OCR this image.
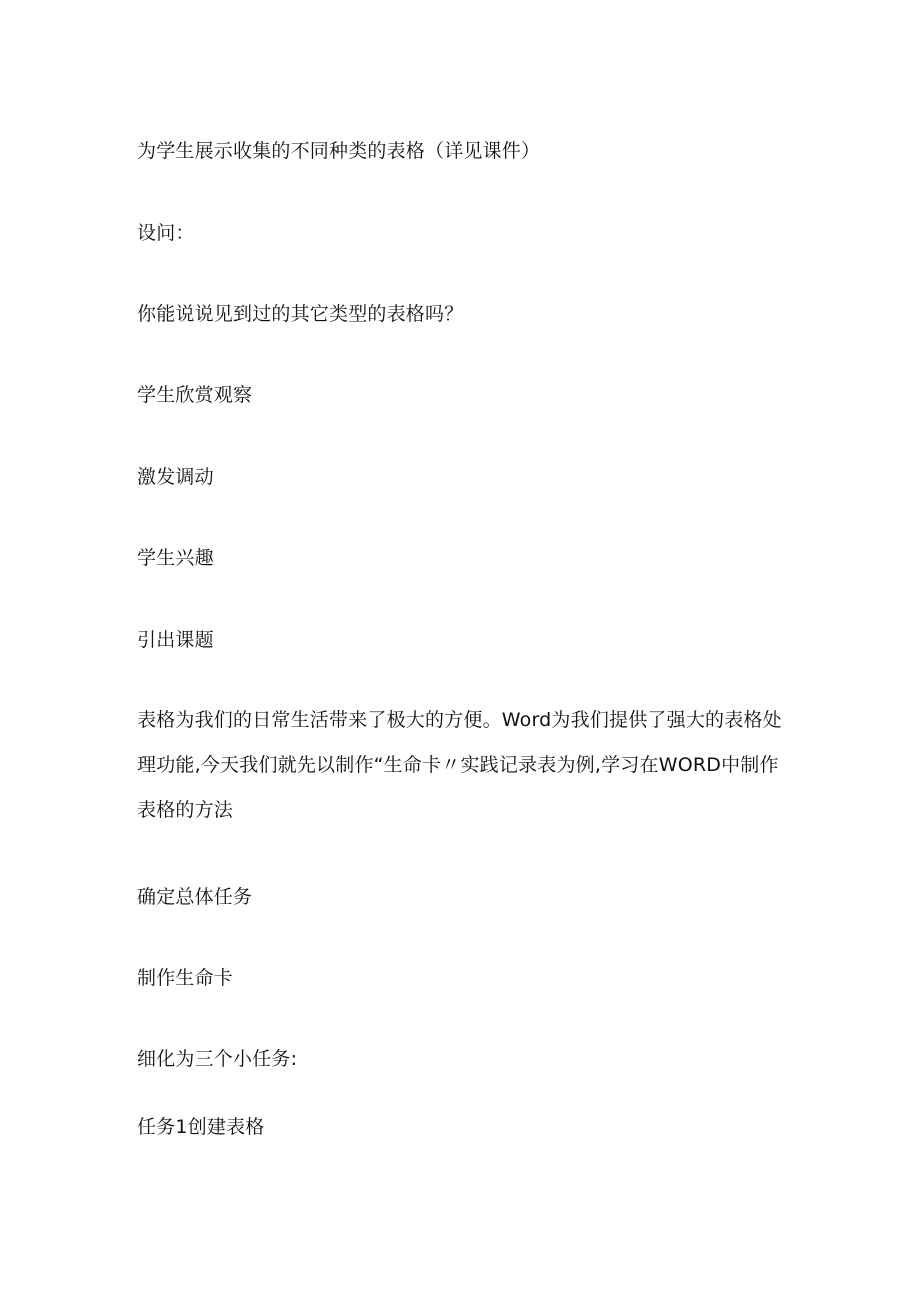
为学生展示收集的不同种类的表格（详见课件）
设问：
你能说说见到过的其它类型的表格吗？
学生欣赏观察
激发调动
学生兴趣
引出课题
表格为我们的日常生活带来了极大的方便。Word为我们提供了强大的表格处理功能,今天我们就先以制作“生命卡〃实践记录表为例,学习在WORD中制作表格的方法
确定总体任务
制作生命卡
细化为三个小任务:
任务1创建表格
